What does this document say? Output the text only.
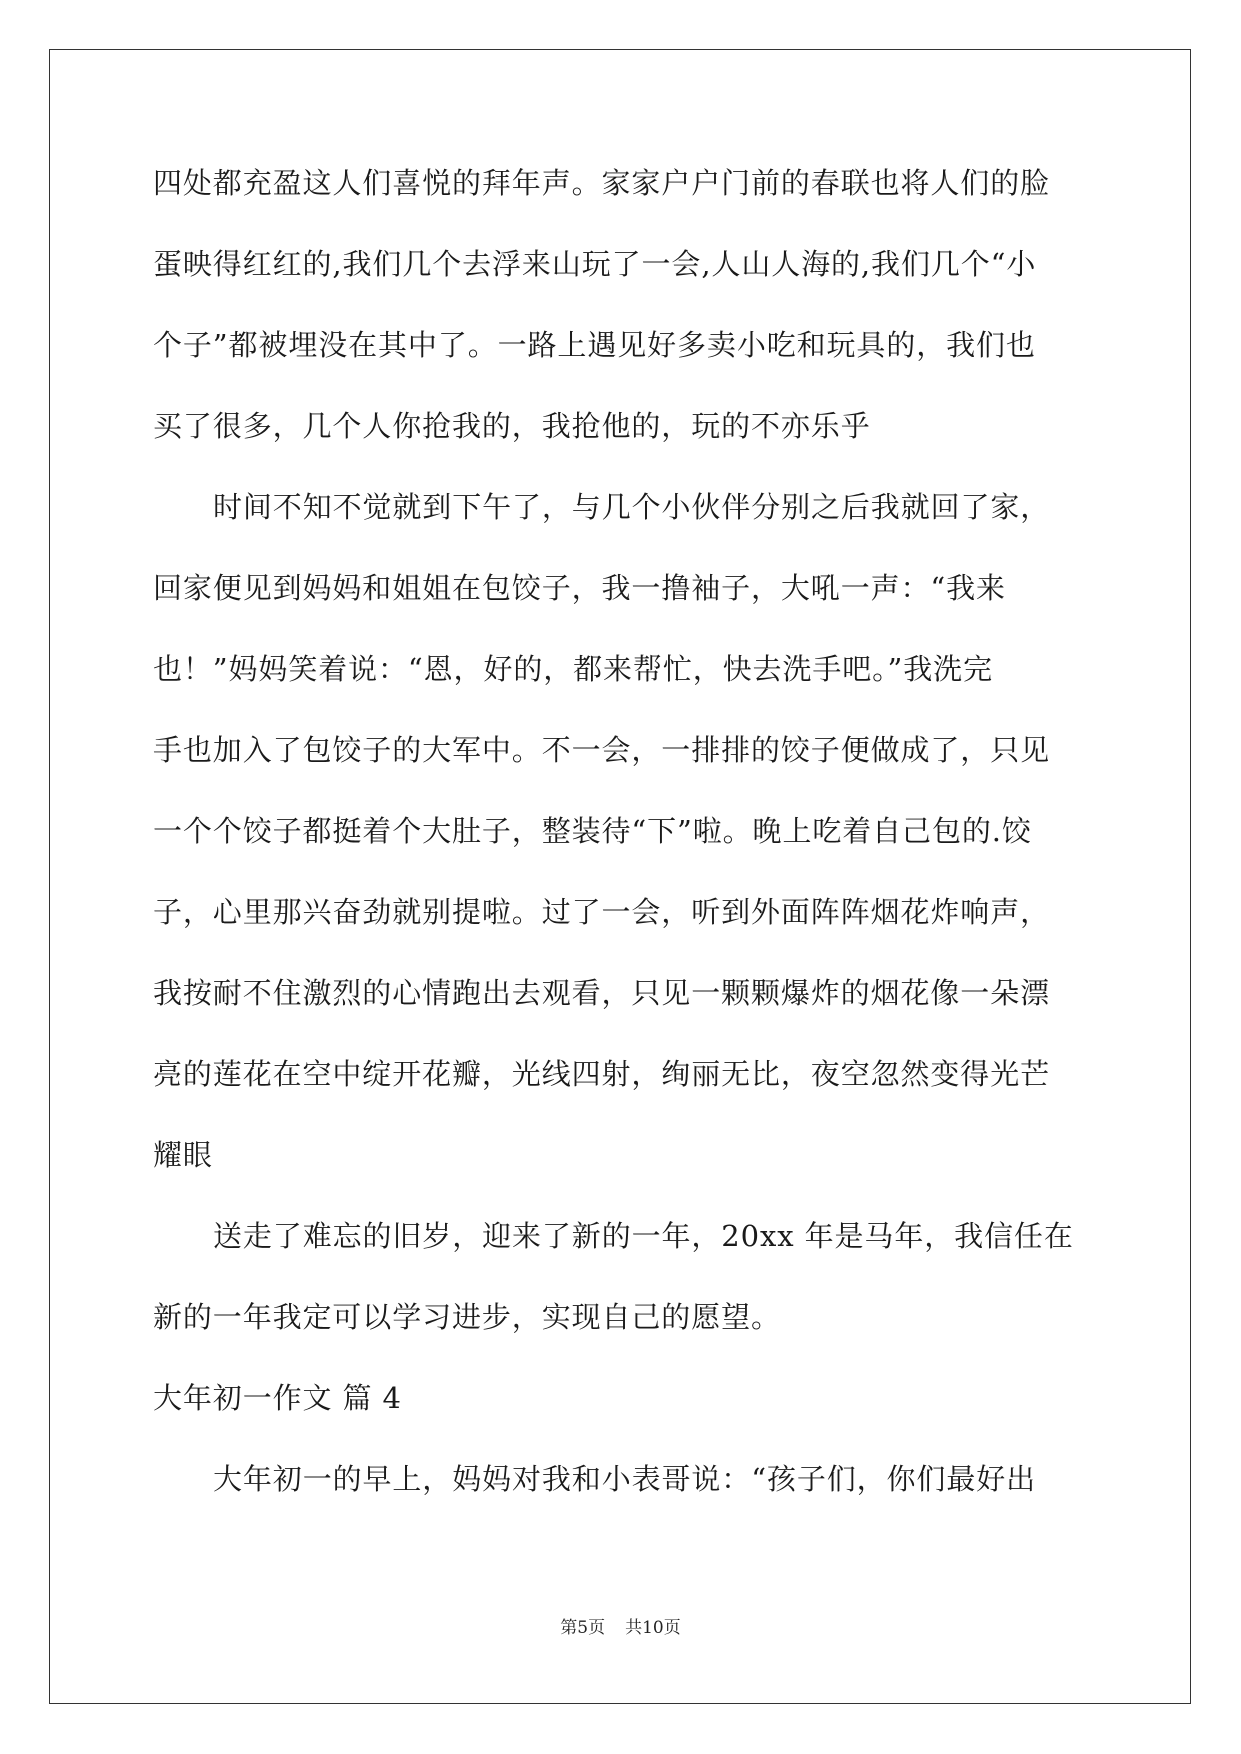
四处都充盈这人们喜悦的拜年声。家家户户门前的春联也将人们的脸
蛋映得红红的,我们几个去浮来山玩了一会,人山人海的,我们几个“小
个子”都被埋没在其中了。一路上遇见好多卖小吃和玩具的，我们也
买了很多，几个人你抢我的，我抢他的，玩的不亦乐乎
时间不知不觉就到下午了，与几个小伙伴分别之后我就回了家，
回家便见到妈妈和姐姐在包饺子，我一撸袖子，大吼一声：“我来
也！”妈妈笑着说：“恩，好的，都来帮忙，快去洗手吧。”我洗完
手也加入了包饺子的大军中。不一会，一排排的饺子便做成了，只见
一个个饺子都挺着个大肚子，整装待“下”啦。晚上吃着自己包的.饺
子，心里那兴奋劲就别提啦。过了一会，听到外面阵阵烟花炸响声，
我按耐不住激烈的心情跑出去观看，只见一颗颗爆炸的烟花像一朵漂
亮的莲花在空中绽开花瓣，光线四射，绚丽无比，夜空忽然变得光芒
耀眼
送走了难忘的旧岁，迎来了新的一年，20xx 年是马年，我信任在
新的一年我定可以学习进步，实现自己的愿望。
大年初一作文 篇 4
大年初一的早上，妈妈对我和小表哥说：“孩子们，你们最好出
第5页 共10页
